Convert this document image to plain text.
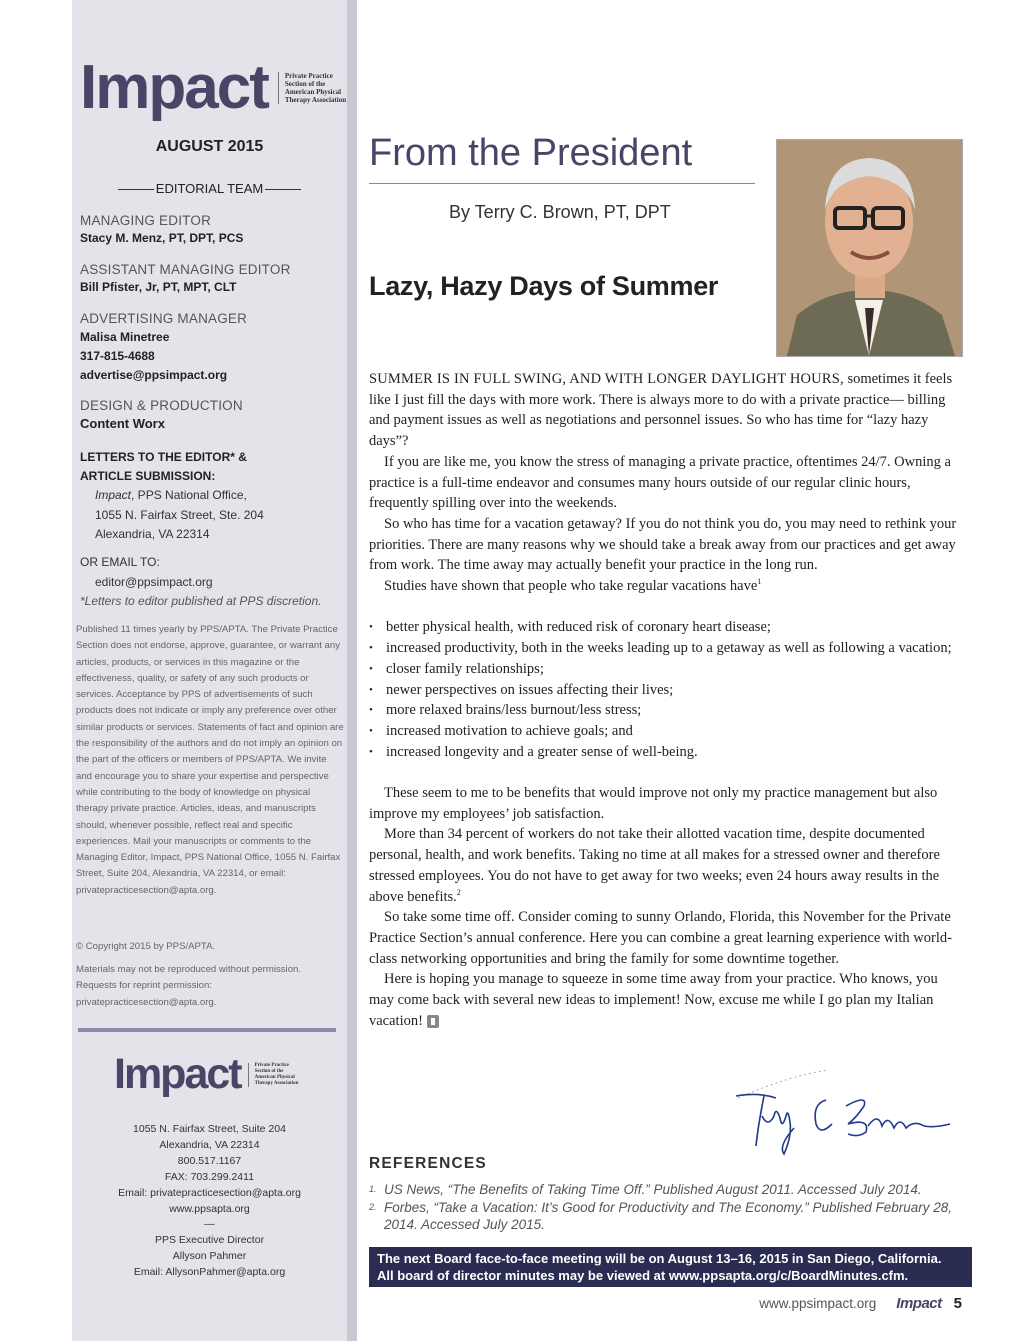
Impact Private Practice
Section of the
American Physical
Therapy Association
AUGUST 2015
EDITORIAL TEAM
MANAGING EDITOR
Stacy M. Menz, PT, DPT, PCS
ASSISTANT MANAGING EDITOR
Bill Pfister, Jr, PT, MPT, CLT
ADVERTISING MANAGER
Malisa Minetree
317-815-4688
advertise@ppsimpact.org
DESIGN & PRODUCTION
Content Worx
LETTERS TO THE EDITOR* &
ARTICLE SUBMISSION:
Impact, PPS National Office,
1055 N. Fairfax Street, Ste. 204
Alexandria, VA 22314
OR EMAIL TO:
editor@ppsimpact.org
*Letters to editor published at PPS discretion.
Published 11 times yearly by PPS/APTA. The Private Practice Section does not endorse, approve, guarantee, or warrant any articles, products, or services in this magazine or the effectiveness, quality, or safety of any such products or services. Acceptance by PPS of advertisements of such products does not indicate or imply any preference over other similar products or services. Statements of fact and opinion are the responsibility of the authors and do not imply an opinion on the part of the officers or members of PPS/APTA. We invite and encourage you to share your expertise and perspective while contributing to the body of knowledge on physical therapy private practice. Articles, ideas, and manuscripts should, whenever possible, reflect real and specific experiences. Mail your manuscripts or comments to the Managing Editor, Impact, PPS National Office, 1055 N. Fairfax Street, Suite 204, Alexandria, VA 22314, or email: privatepracticesection@apta.org.
© Copyright 2015 by PPS/APTA.
Materials may not be reproduced without permission. Requests for reprint permission: privatepracticesection@apta.org.
Impact	Private Practice
Section of the
American Physical
Therapy Association
1055 N. Fairfax Street, Suite 204
Alexandria, VA 22314
800.517.1167
FAX: 703.299.2411
Email: privatepracticesection@apta.org
www.ppsapta.org
—
PPS Executive Director
Allyson Pahmer
Email: AllysonPahmer@apta.org
From the President
By Terry C. Brown, PT, DPT
Lazy, Hazy Days of Summer

SUMMER IS IN FULL SWING, AND WITH LONGER DAYLIGHT HOURS, sometimes it feels like I just fill the days with more work. There is always more to do with a private practice— billing and payment issues as well as negotiations and personnel issues. So who has time for “lazy hazy days”?

If you are like me, you know the stress of managing a private practice, oftentimes 24/7. Owning a practice is a full-time endeavor and consumes many hours outside of our regular clinic hours, frequently spilling over into the weekends.

So who has time for a vacation getaway? If you do not think you do, you may need to rethink your priorities. There are many reasons why we should take a break away from our practices and get away from work. The time away may actually benefit your practice in the long run.

Studies have shown that people who take regular vacations have$^1$

• better physical health, with reduced risk of coronary heart disease;
• increased productivity, both in the weeks leading up to a getaway as well as following a vacation;
• closer family relationships;
• newer perspectives on issues affecting their lives;
• more relaxed brains/less burnout/less stress;
• increased motivation to achieve goals; and
• increased longevity and a greater sense of well-being.

These seem to me to be benefits that would improve not only my practice management but also improve my employees’ job satisfaction.

More than 34 percent of workers do not take their allotted vacation time, despite documented personal, health, and work benefits. Taking no time at all makes for a stressed owner and therefore stressed employees. You do not have to get away for two weeks; even 24 hours away results in the above benefits.$^2$

So take some time off. Consider coming to sunny Orlando, Florida, this November for the Private Practice Section’s annual conference. Here you can combine a great learning experience with world-class networking opportunities and bring the family for some downtime together.

Here is hoping you manage to squeeze in some time away from your practice. Who knows, you may come back with several new ideas to implement! Now, excuse me while I go plan my Italian vacation!

REFERENCES
1. US News, “The Benefits of Taking Time Off.” Published August 2011. Accessed July 2014.
2. Forbes, “Take a Vacation: It’s Good for Productivity and The Economy.” Published February 28, 2014. Accessed July 2015.
The next Board face-to-face meeting will be on August 13–16, 2015 in San Diego, California.
All board of director minutes may be viewed at www.ppsapta.org/c/BoardMinutes.cfm.
www.ppsimpact.org Impact 5
